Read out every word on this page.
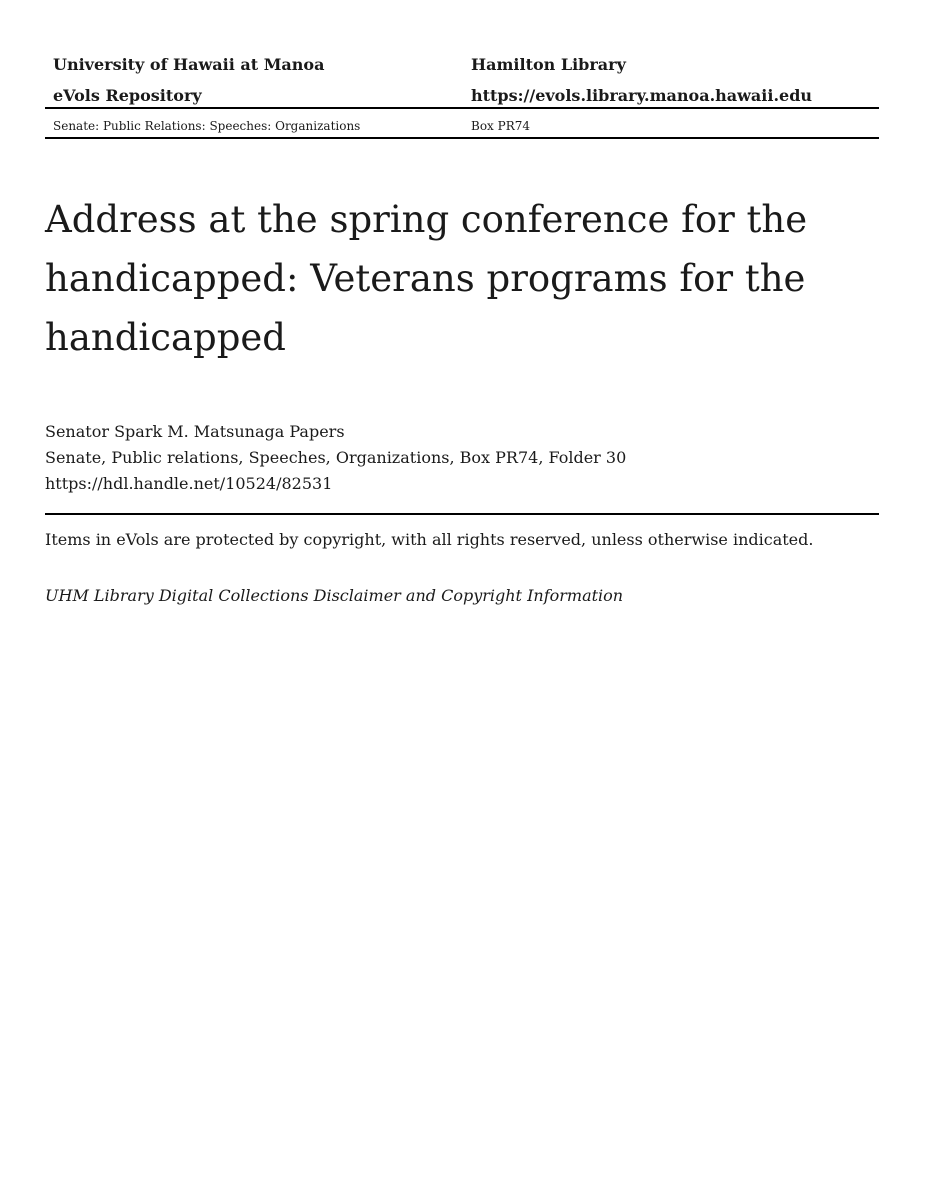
University of Hawaii at Manoa	Hamilton Library
eVols Repository	https://evols.library.manoa.hawaii.edu
Senate: Public Relations: Speeches: Organizations	Box PR74
Address at the spring conference for the handicapped: Veterans programs for the handicapped
Senator Spark M. Matsunaga Papers
Senate, Public relations, Speeches, Organizations, Box PR74, Folder 30
https://hdl.handle.net/10524/82531
Items in eVols are protected by copyright, with all rights reserved, unless otherwise indicated.
UHM Library Digital Collections Disclaimer and Copyright Information
